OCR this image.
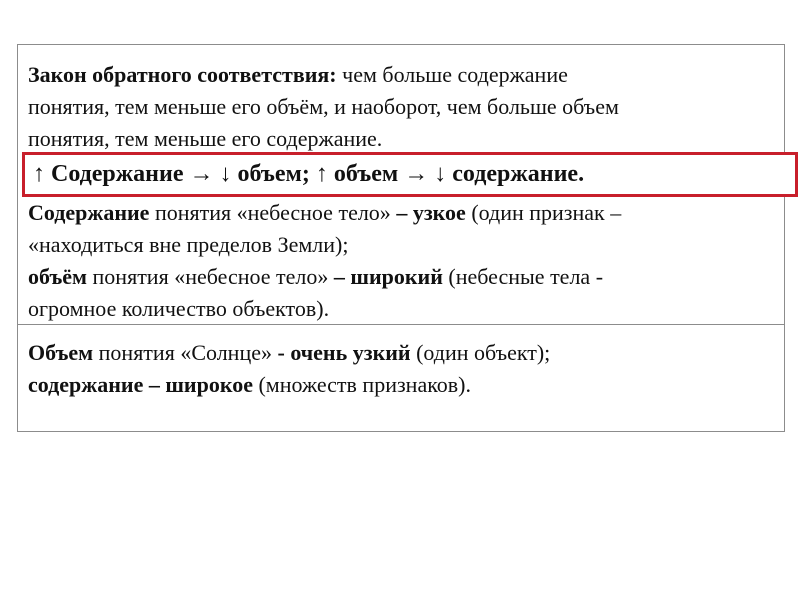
Закон обратного соответствия: чем больше содержание
понятия, тем меньше его объём, и наоборот, чем больше объем
понятия, тем меньше его содержание.
Содержание понятия «небесное тело» – узкое (один признак –
«находиться вне пределов Земли);
объём понятия «небесное тело» – широкий (небесные тела -
огромное количество объектов).
↑ Содержание → ↓ объем; ↑ объем → ↓ содержание.
Объем понятия «Солнце» - очень узкий (один объект);
содержание – широкое (множеств признаков).
